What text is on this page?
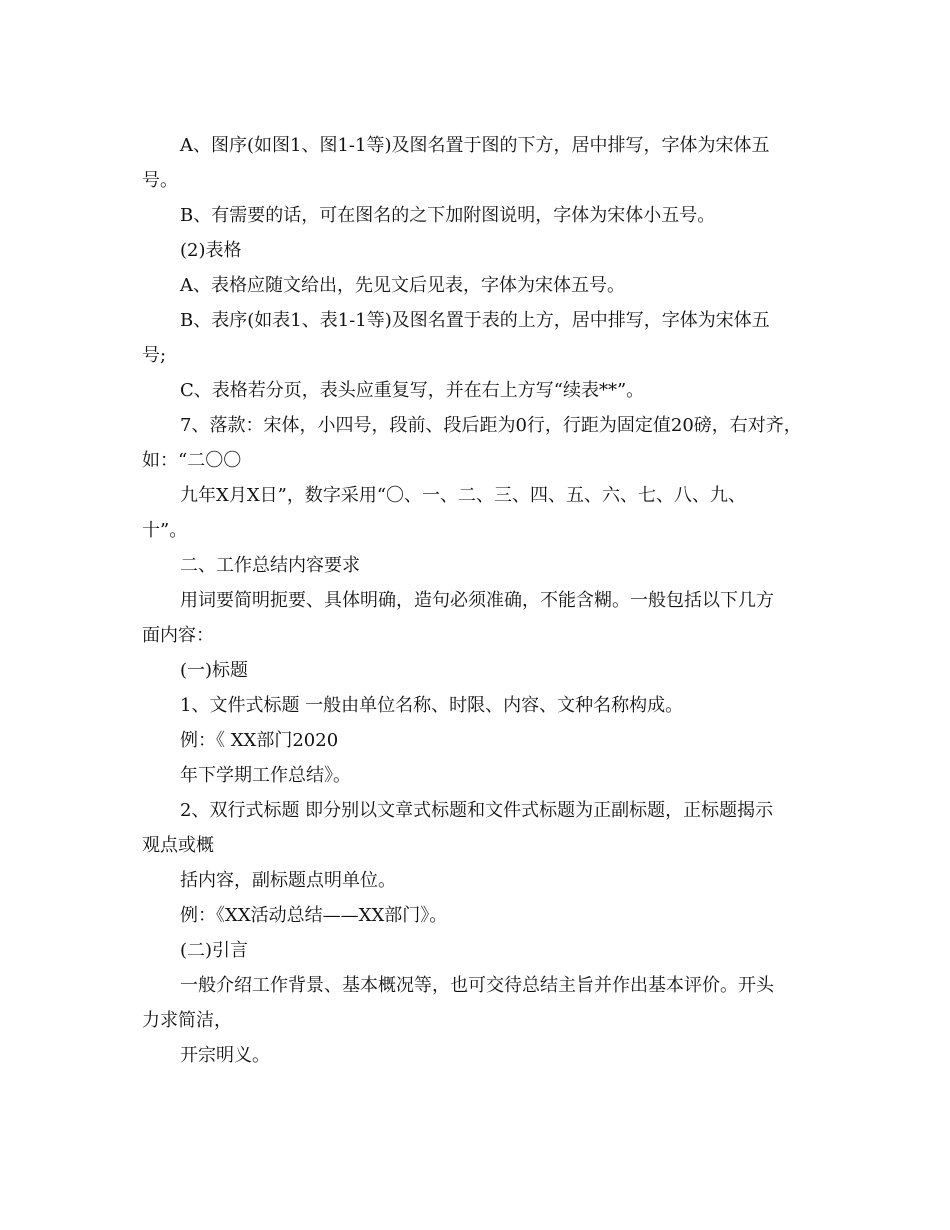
A、图序(如图1、图1-1等)及图名置于图的下方，居中排写，字体为宋体五
号。
B、有需要的话，可在图名的之下加附图说明，字体为宋体小五号。
(2)表格
A、表格应随文给出，先见文后见表，字体为宋体五号。
B、表序(如表1、表1-1等)及图名置于表的上方，居中排写，字体为宋体五
号;
C、表格若分页，表头应重复写，并在右上方写“续表**”。
7、落款：宋体，小四号，段前、段后距为0行，行距为固定值20磅，右对齐，
如：“二〇〇
九年X月X日”，数字采用“〇、一、二、三、四、五、六、七、八、九、
十”。
二、工作总结内容要求
用词要简明扼要、具体明确，造句必须准确，不能含糊。一般包括以下几方
面内容：
(一)标题
1、文件式标题 一般由单位名称、时限、内容、文种名称构成。
例：《 XX部门2020
年下学期工作总结》。
2、双行式标题 即分别以文章式标题和文件式标题为正副标题，正标题揭示
观点或概
括内容，副标题点明单位。
例：《XX活动总结——XX部门》。
(二)引言
一般介绍工作背景、基本概况等，也可交待总结主旨并作出基本评价。开头
力求简洁，
开宗明义。
